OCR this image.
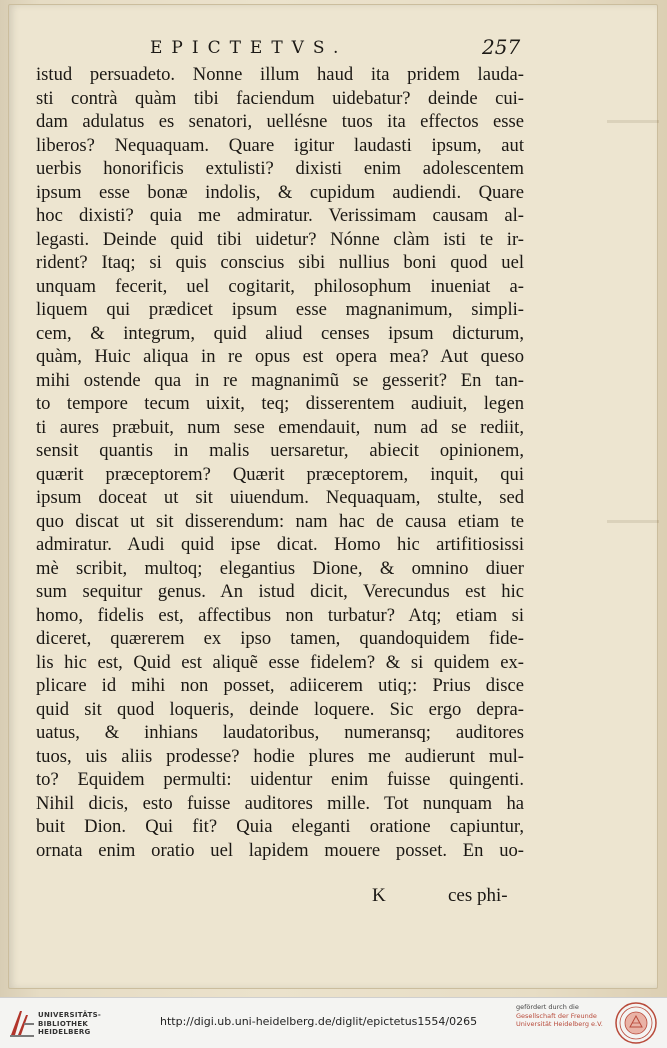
EPICTETVS.	257
istud persuadeto. Nonne illum haud ita pridem lauda-
sti contrà quàm tibi faciendum uidebatur? deinde cui-
dam adulatus es senatori, uellésne tuos ita effectos esse
liberos? Nequaquam. Quare igitur laudasti ipsum, aut
uerbis honorificis extulisti? dixisti enim adolescentem
ipsum esse bonæ indolis, & cupidum audiendi. Quare
hoc dixisti? quia me admiratur. Verissimam causam al-
legasti. Deinde quid tibi uidetur? Nónne clàm isti te ir-
rident? Itaq; si quis conscius sibi nullius boni quod uel
unquam fecerit, uel cogitarit, philosophum inueniat a-
liquem qui prædicet ipsum esse magnanimum, simpli-
cem, & integrum, quid aliud censes ipsum dicturum,
quàm, Huic aliqua in re opus est opera mea? Aut queso
mihi ostende qua in re magnanimũ se gesserit? En tan-
to tempore tecum uixit, teq; disserentem audiuit, legen
ti aures præbuit, num sese emendauit, num ad se rediit,
sensit quantis in malis uersaretur, abiecit opinionem,
quærit præceptorem? Quærit præceptorem, inquit, qui
ipsum doceat ut sit uiuendum. Nequaquam, stulte, sed
quo discat ut sit disserendum: nam hac de causa etiam te
admiratur. Audi quid ipse dicat. Homo hic artifitiosissi
mè scribit, multoq; elegantius Dione, & omnino diuer
sum sequitur genus. An istud dicit, Verecundus est hic
homo, fidelis est, affectibus non turbatur? Atq; etiam si
diceret, quærerem ex ipso tamen, quandoquidem fide-
lis hic est, Quid est aliquẽ esse fidelem? & si quidem ex-
plicare id mihi non posset, adiicerem utiq;: Prius disce
quid sit quod loqueris, deinde loquere. Sic ergo depra-
uatus, & inhians laudatoribus, numeransq; auditores
tuos, uis aliis prodesse? hodie plures me audierunt mul-
to? Equidem permulti: uidentur enim fuisse quingenti.
Nihil dicis, esto fuisse auditores mille. Tot nunquam ha
buit Dion. Qui fit? Quia eleganti oratione capiuntur,
ornata enim oratio uel lapidem mouere posset. En uo-
K	ces phi-
UNIVERSITÄTS-
BIBLIOTHEK
HEIDELBERG
http://digi.ub.uni-heidelberg.de/diglit/epictetus1554/0265
gefördert durch die
Gesellschaft der Freunde
Universität Heidelberg e.V.
